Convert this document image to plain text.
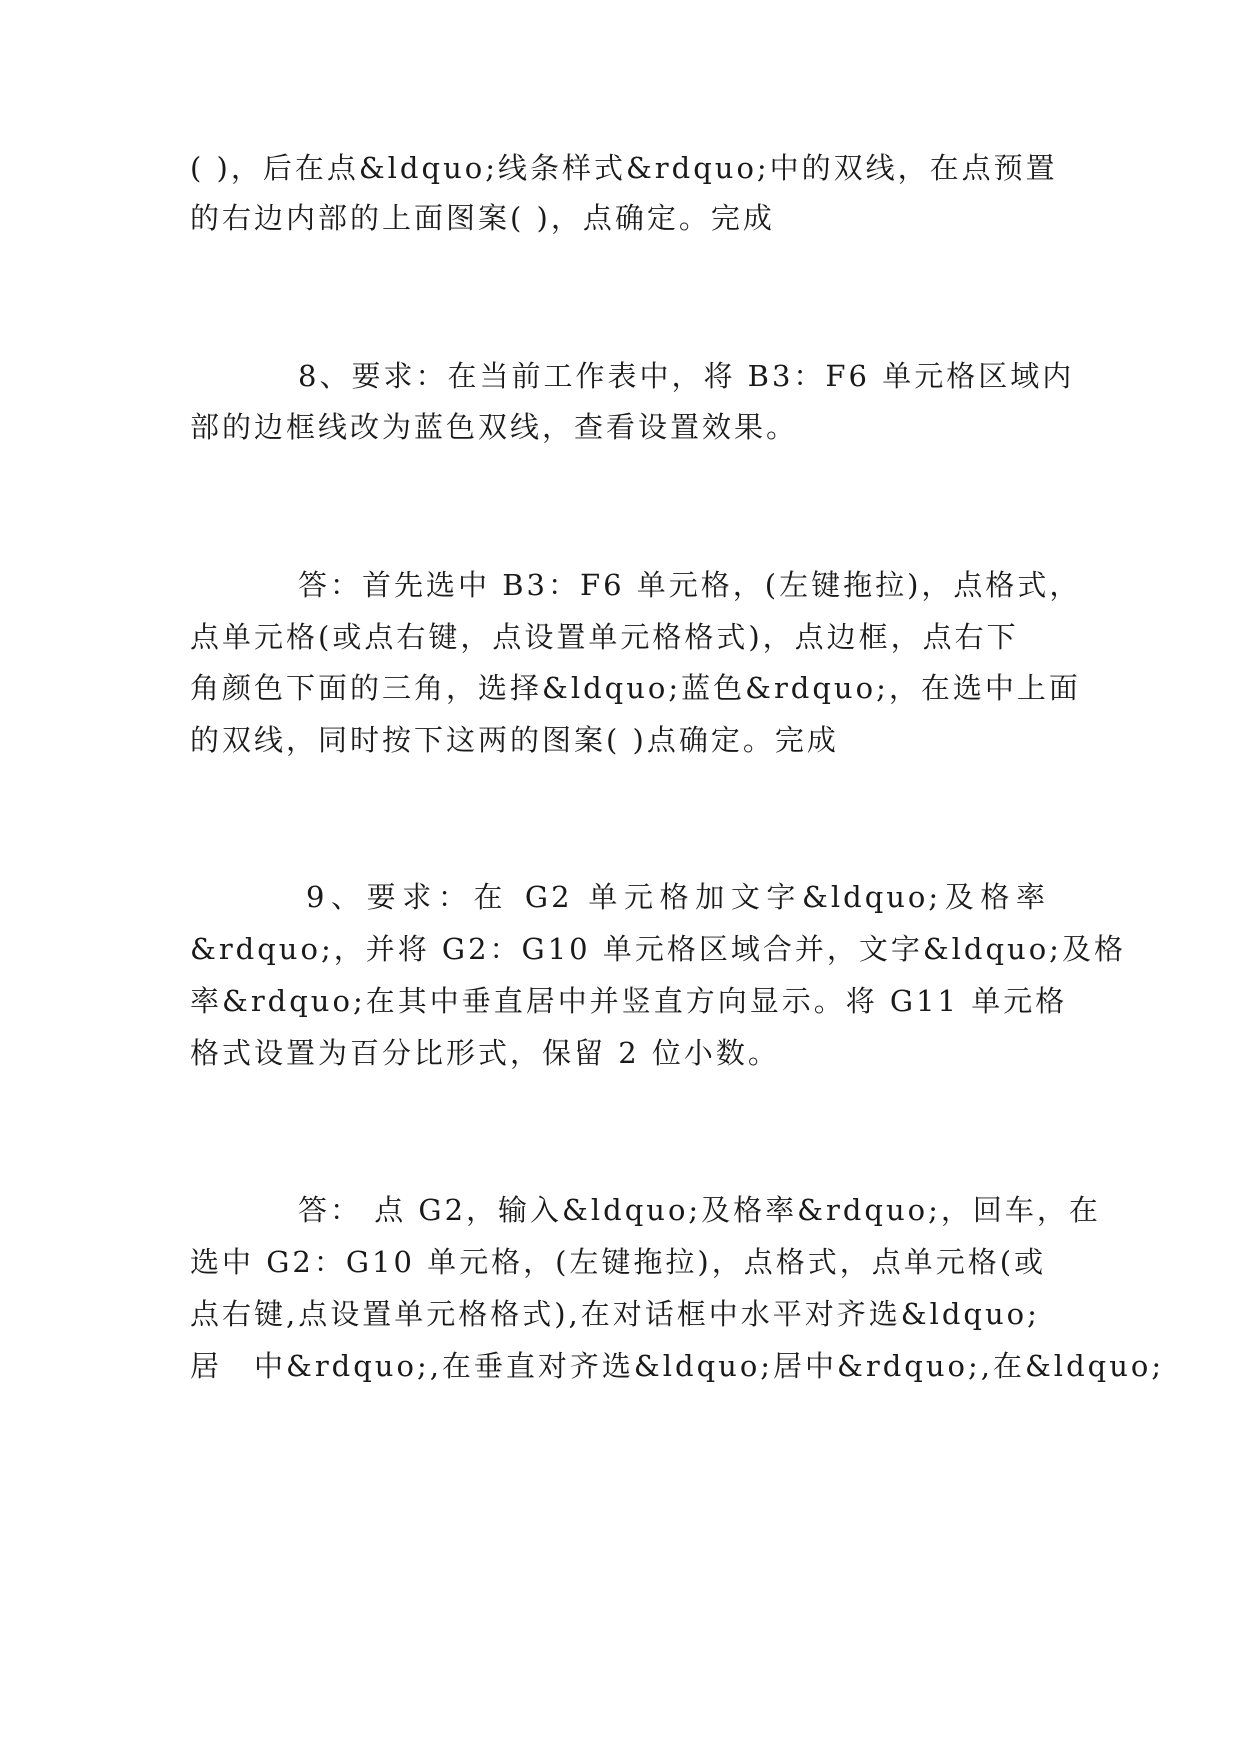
( )，后在点&ldquo;线条样式&rdquo;中的双线，在点预置
的右边内部的上面图案( )，点确定。完成
8、要求：在当前工作表中，将 B3：F6 单元格区域内
部的边框线改为蓝色双线，查看设置效果。
答：首先选中 B3：F6 单元格，(左键拖拉)，点格式，
点单元格(或点右键，点设置单元格格式)，点边框，点右下
角颜色下面的三角，选择&ldquo;蓝色&rdquo;，在选中上面
的双线，同时按下这两的图案( )点确定。完成
9、要求：在 G2 单元格加文字&ldquo;及格率
&rdquo;，并将 G2：G10 单元格区域合并，文字&ldquo;及格
率&rdquo;在其中垂直居中并竖直方向显示。将 G11 单元格
格式设置为百分比形式，保留 2 位小数。
答： 点 G2，输入&ldquo;及格率&rdquo;，回车，在
选中 G2：G10 单元格，(左键拖拉)，点格式，点单元格(或
点右键,点设置单元格格式),在对话框中水平对齐选&ldquo;
居　中&rdquo;,在垂直对齐选&ldquo;居中&rdquo;,在&ldquo;
